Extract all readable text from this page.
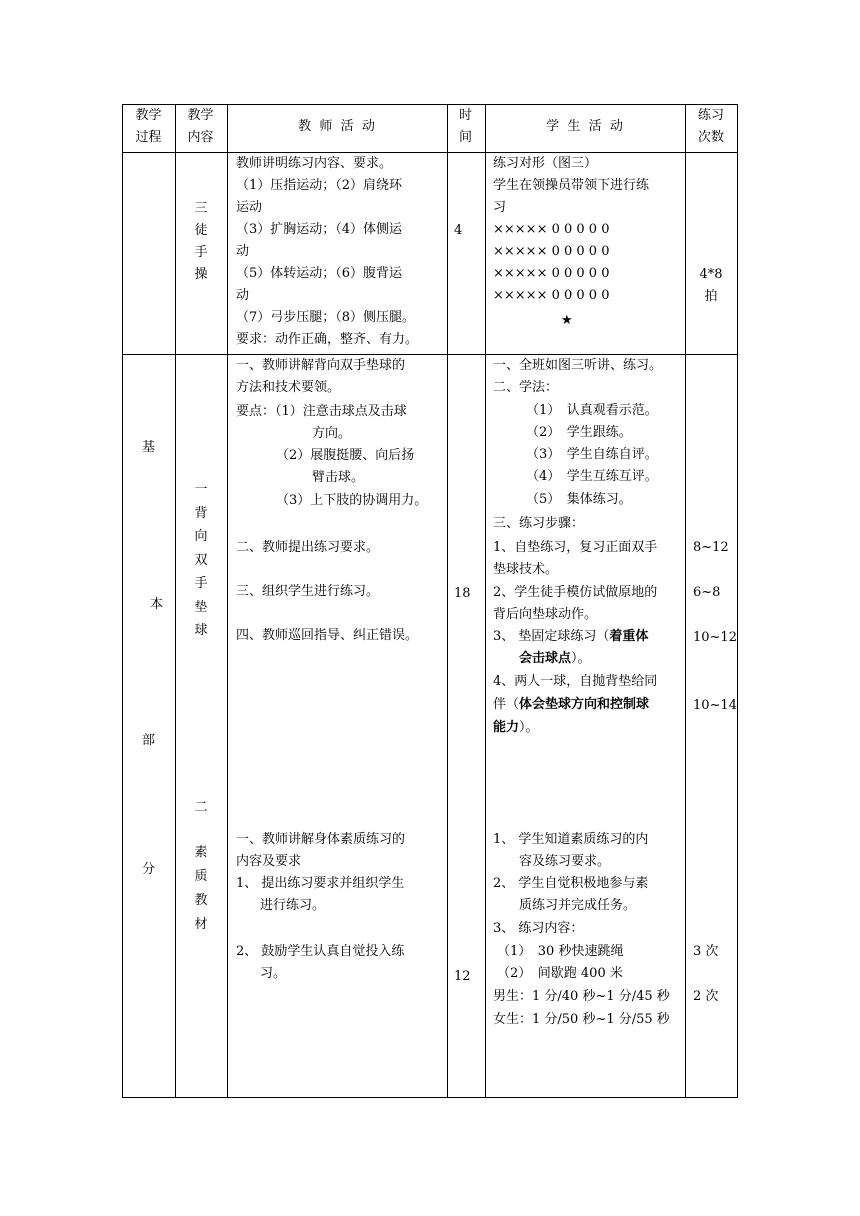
教学
过程
教学
内容
教  师  活  动
时
间
学  生  活  动
练习
次数
三
徒
手
操
教师讲明练习内容、要求。
（1）压指运动；（2）肩绕环
运动
（3）扩胸运动；（4）体侧运
动
（5）体转运动；（6）腹背运
动
（7）弓步压腿；（8）侧压腿。
要求：动作正确，整齐、有力。
4
练习对形（图三）
学生在领操员带领下进行练
习
××××× 0 0 0 0 0
××××× 0 0 0 0 0
××××× 0 0 0 0 0
××××× 0 0 0 0 0
★
4*8
拍
基
本
部
分
一
背
向
双
手
垫
球
二
素
质
教
材
一、教师讲解背向双手垫球的
方法和技术要领。
要点：（1）注意击球点及击球
方向。
（2）展腹挺腰、向后扬
臂击球。
（3）上下肢的协调用力。
二、教师提出练习要求。
三、组织学生进行练习。
四、教师巡回指导、纠正错误。
一、教师讲解身体素质练习的
内容及要求
1、 提出练习要求并组织学生
进行练习。
2、 鼓励学生认真自觉投入练
习。
18
12
一、全班如图三听讲、练习。
二、学法：
（1）　认真观看示范。
（2）　学生跟练。
（3）　学生自练自评。
（4）　学生互练互评。
（5）　集体练习。
三、练习步骤：
1、自垫练习，复习正面双手
垫球技术。
2、学生徒手模仿试做原地的
背后向垫球动作。
3、 垫固定球练习（着重体
会击球点）。
4、两人一球，自抛背垫给同
伴（体会垫球方向和控制球
能力）。
1、 学生知道素质练习的内
容及练习要求。
2、 学生自觉积极地参与素
质练习并完成任务。
3、 练习内容：
（1）　30 秒快速跳绳
（2）　间歇跑 400 米
男生：1 分/40 秒~1 分/45 秒
女生：1 分/50 秒~1 分/55 秒
8~12
6~8
10~12
10~14
3 次
2 次
